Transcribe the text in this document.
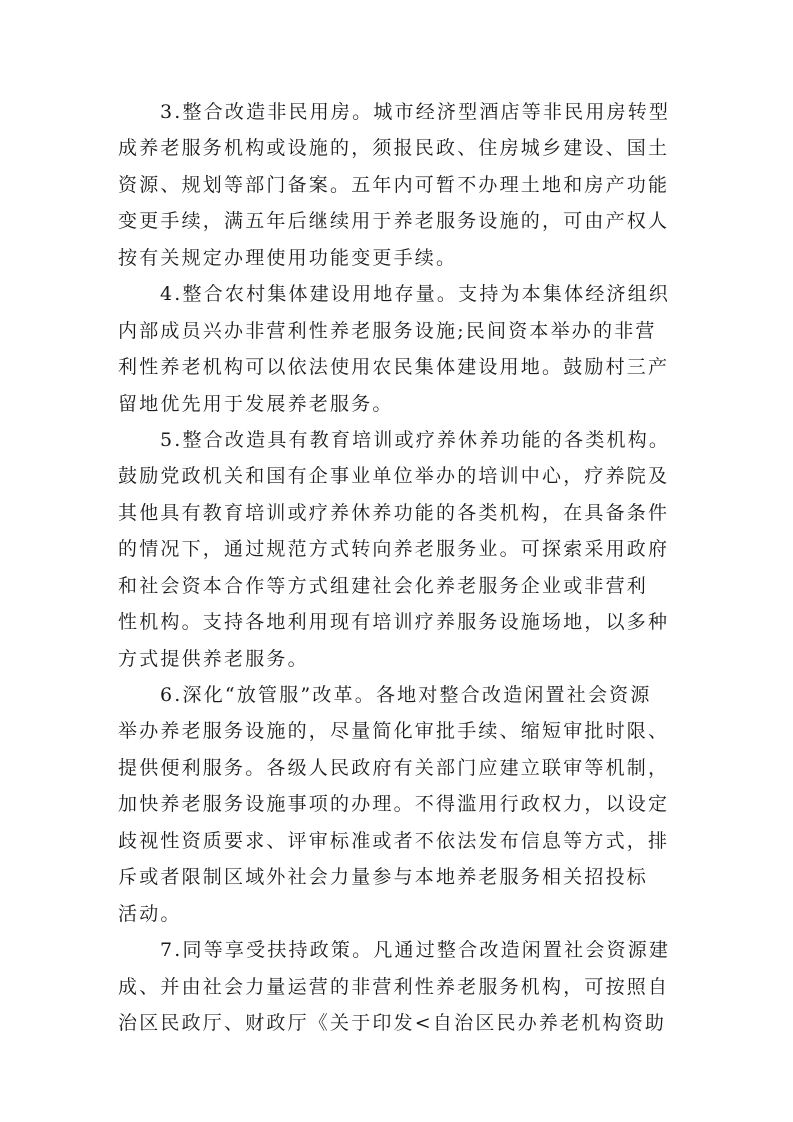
3.整合改造非民用房。城市经济型酒店等非民用房转型
成养老服务机构或设施的，须报民政、住房城乡建设、国土
资源、规划等部门备案。五年内可暂不办理土地和房产功能
变更手续，满五年后继续用于养老服务设施的，可由产权人
按有关规定办理使用功能变更手续。
4.整合农村集体建设用地存量。支持为本集体经济组织
内部成员兴办非营利性养老服务设施;民间资本举办的非营
利性养老机构可以依法使用农民集体建设用地。鼓励村三产
留地优先用于发展养老服务。
5.整合改造具有教育培训或疗养休养功能的各类机构。
鼓励党政机关和国有企事业单位举办的培训中心，疗养院及
其他具有教育培训或疗养休养功能的各类机构，在具备条件
的情况下，通过规范方式转向养老服务业。可探索采用政府
和社会资本合作等方式组建社会化养老服务企业或非营利
性机构。支持各地利用现有培训疗养服务设施场地，以多种
方式提供养老服务。
6.深化“放管服”改革。各地对整合改造闲置社会资源
举办养老服务设施的，尽量简化审批手续、缩短审批时限、
提供便利服务。各级人民政府有关部门应建立联审等机制，
加快养老服务设施事项的办理。不得滥用行政权力，以设定
歧视性资质要求、评审标准或者不依法发布信息等方式，排
斥或者限制区域外社会力量参与本地养老服务相关招投标
活动。
7.同等享受扶持政策。凡通过整合改造闲置社会资源建
成、并由社会力量运营的非营利性养老服务机构，可按照自
治区民政厅、财政厅《关于印发<自治区民办养老机构资助
